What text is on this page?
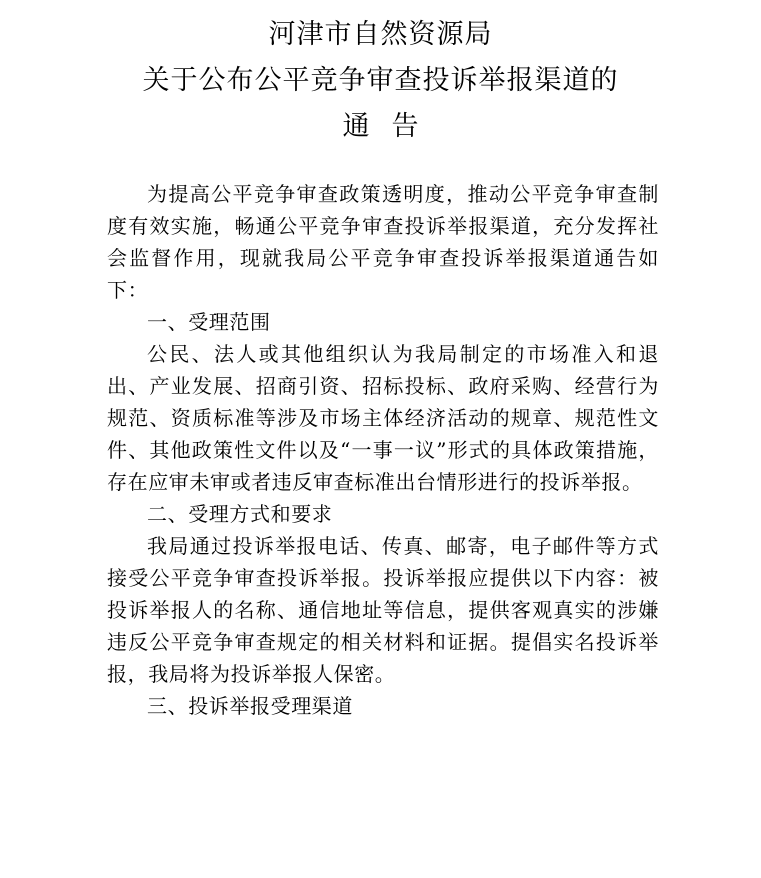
河津市自然资源局
关于公布公平竞争审查投诉举报渠道的
通告
为提高公平竞争审查政策透明度，推动公平竞争审查制
度有效实施，畅通公平竞争审查投诉举报渠道，充分发挥社
会监督作用，现就我局公平竞争审查投诉举报渠道通告如
下：
一、受理范围
公民、法人或其他组织认为我局制定的市场准入和退
出、产业发展、招商引资、招标投标、政府采购、经营行为
规范、资质标准等涉及市场主体经济活动的规章、规范性文
件、其他政策性文件以及“一事一议”形式的具体政策措施，
存在应审未审或者违反审查标准出台情形进行的投诉举报。
二、受理方式和要求
我局通过投诉举报电话、传真、邮寄，电子邮件等方式
接受公平竞争审查投诉举报。投诉举报应提供以下内容：被
投诉举报人的名称、通信地址等信息，提供客观真实的涉嫌
违反公平竞争审查规定的相关材料和证据。提倡实名投诉举
报，我局将为投诉举报人保密。
三、投诉举报受理渠道
